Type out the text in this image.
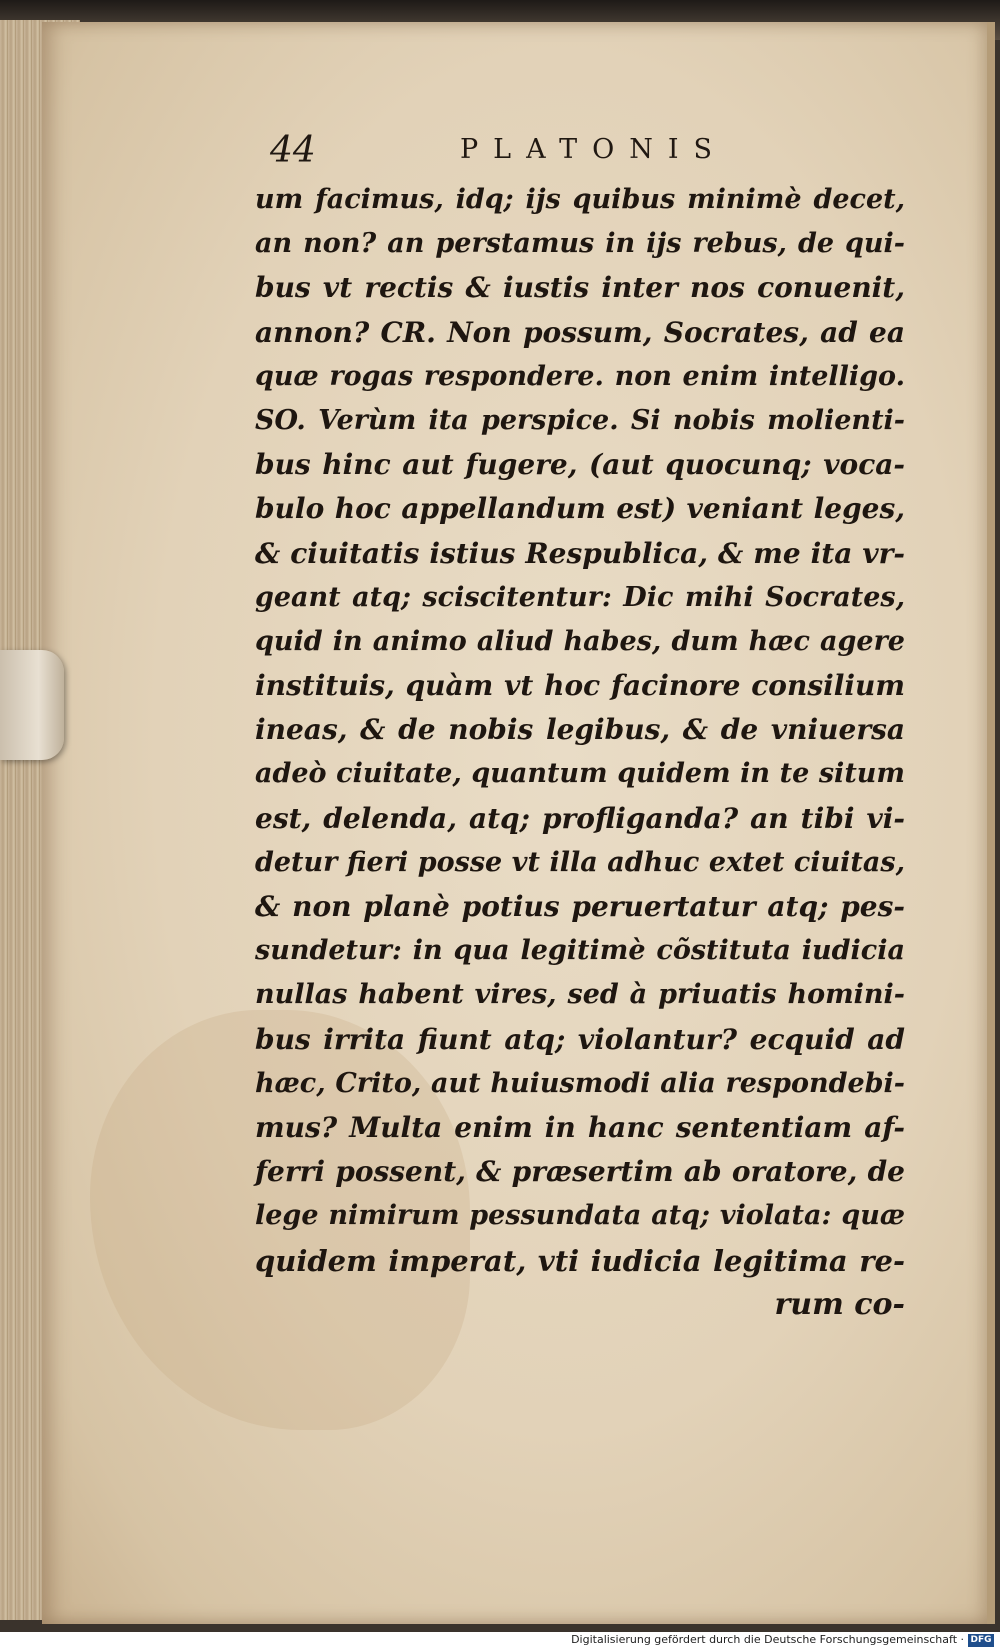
44	PLATONIS
um facimus, idq; ijs quibus minimè decet,
an non? an perstamus in ijs rebus, de qui-
bus vt rectis & iustis inter nos conuenit,
annon? CR. Non possum, Socrates, ad ea
quæ rogas respondere. non enim intelligo.
SO. Verùm ita perspice. Si nobis molienti-
bus hinc aut fugere, (aut quocunq; voca-
bulo hoc appellandum est) veniant leges,
& ciuitatis istius Respublica, & me ita vr-
geant atq; sciscitentur: Dic mihi Socrates,
quid in animo aliud habes, dum hæc agere
instituis, quàm vt hoc facinore consilium
ineas, & de nobis legibus, & de vniuersa
adeò ciuitate, quantum quidem in te situm
est, delenda, atq; profliganda? an tibi vi-
detur fieri posse vt illa adhuc extet ciuitas,
& non planè potius peruertatur atq; pes-
sundetur: in qua legitimè cõstituta iudicia
nullas habent vires, sed à priuatis homini-
bus irrita fiunt atq; violantur? ecquid ad
hæc, Crito, aut huiusmodi alia respondebi-
mus? Multa enim in hanc sententiam af-
ferri possent, & præsertim ab oratore, de
lege nimirum pessundata atq; violata: quæ
quidem imperat, vti iudicia legitima re-
rum co-
Digitalisierung gefördert durch die Deutsche Forschungsgemeinschaft · DFG
